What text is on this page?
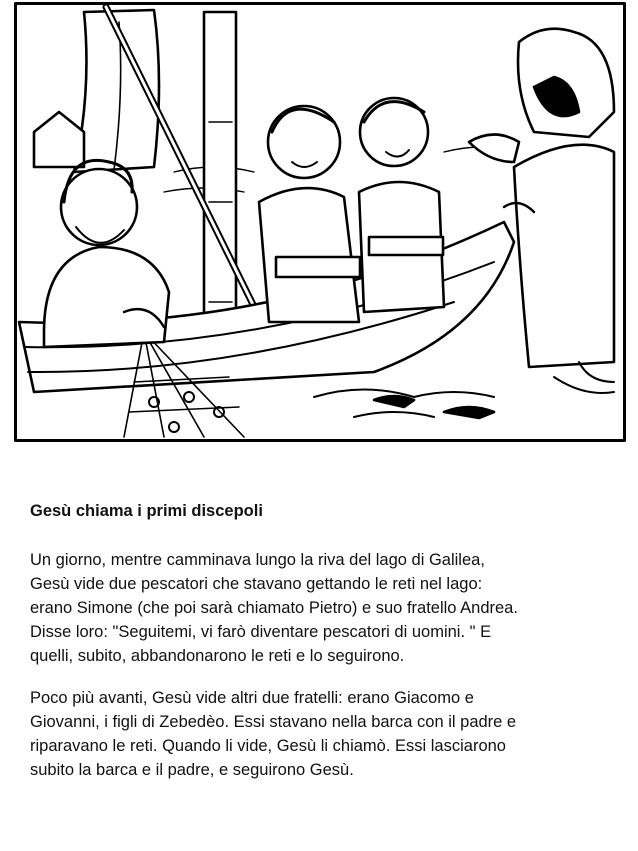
Gesù chiama i primi discepoli
Un giorno, mentre camminava lungo la riva del lago di Galilea,
Gesù vide due pescatori che stavano gettando le reti nel lago:
erano Simone (che poi sarà chiamato Pietro) e suo fratello Andrea.
Disse loro: "Seguitemi, vi farò diventare pescatori di uomini. " E
quelli, subito, abbandonarono le reti e lo seguirono.
Poco più avanti, Gesù vide altri due fratelli: erano Giacomo e
Giovanni, i figli di Zebedèo. Essi stavano nella barca con il padre e
riparavano le reti. Quando li vide, Gesù li chiamò. Essi lasciarono
subito la barca e il padre, e seguirono Gesù.
